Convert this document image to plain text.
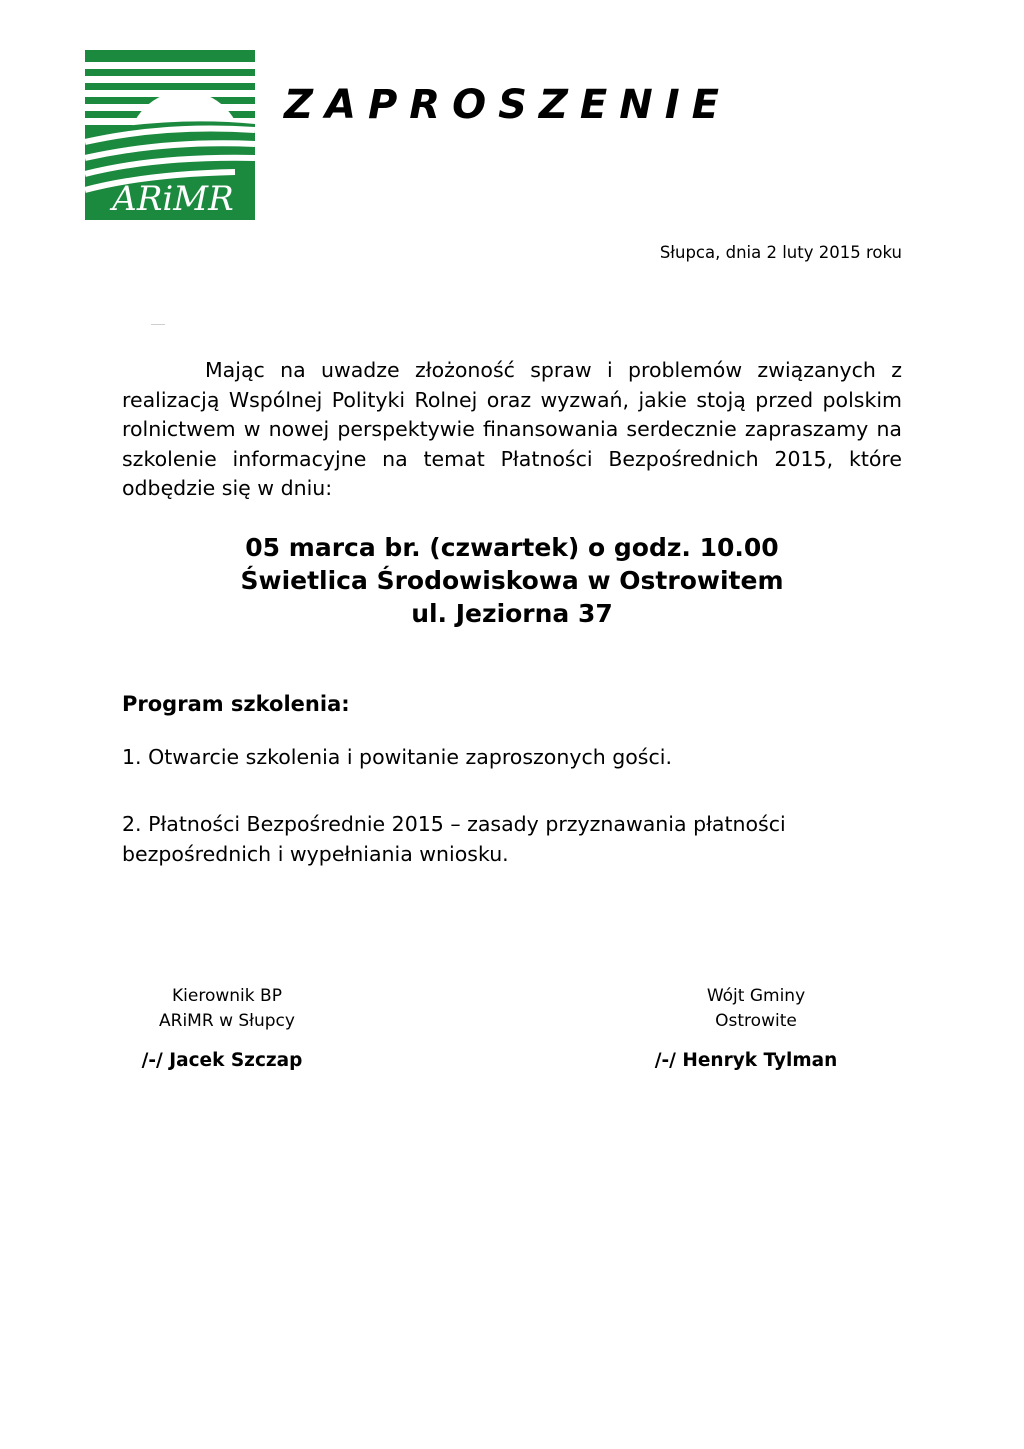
ARiMR
ZAPROSZENIE
Słupca, dnia 2 luty 2015 roku

Mając na uwadze złożoność spraw i problemów związanych z realizacją Wspólnej Polityki Rolnej oraz wyzwań, jakie stoją przed polskim rolnictwem w nowej perspektywie finansowania serdecznie zapraszamy na szkolenie informacyjne na temat Płatności Bezpośrednich 2015, które odbędzie się w dniu:

05 marca br. (czwartek) o godz. 10.00
Świetlica Środowiskowa w Ostrowitem
ul. Jeziorna 37
Program szkolenia:
1. Otwarcie szkolenia i powitanie zaproszonych gości.

2. Płatności Bezpośrednie 2015 – zasady przyznawania płatności bezpośrednich i wypełniania wniosku.

Kierownik BP
ARiMR w Słupcy
/-/ Jacek Szczap
Wójt Gminy
Ostrowite
/-/ Henryk Tylman
